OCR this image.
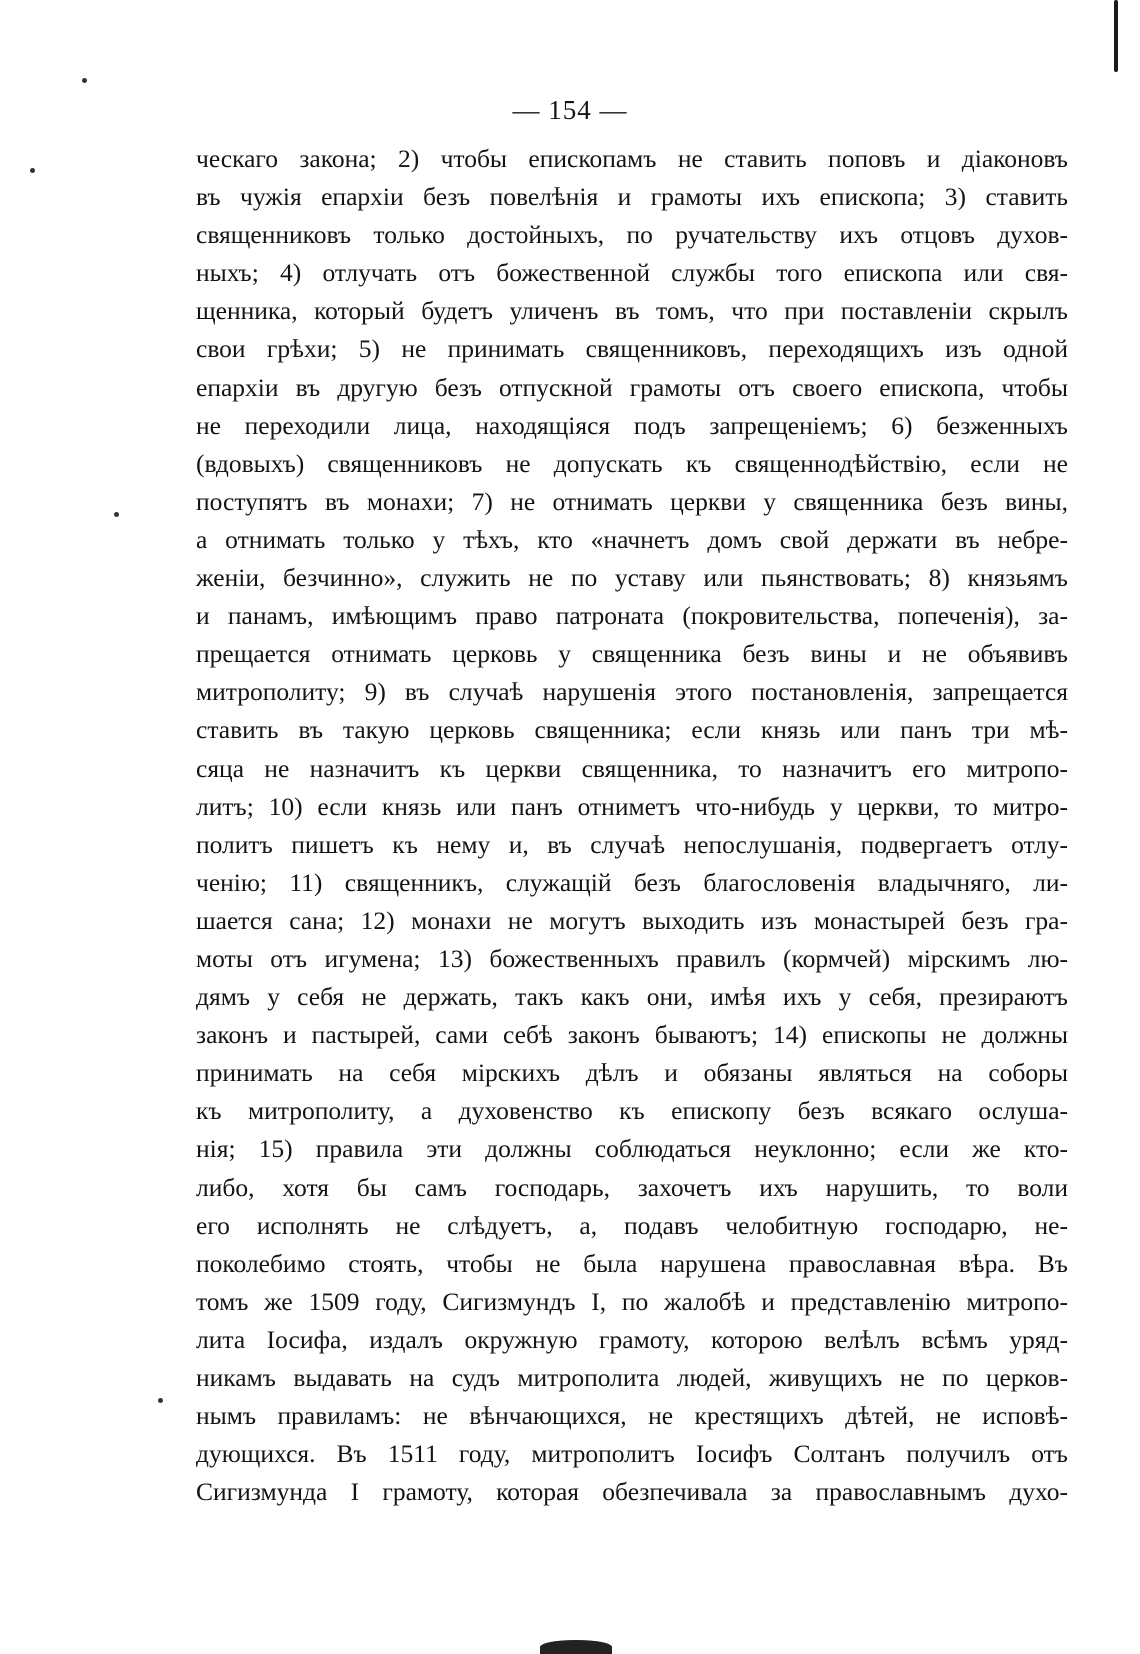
— 154 —
ческаго закона; 2) чтобы епископамъ не ставить поповъ и діаконовъ
въ чужія епархіи безъ повелѣнія и грамоты ихъ епископа; 3) ставить
священниковъ только достойныхъ, по ручательству ихъ отцовъ духов-
ныхъ; 4) отлучать отъ божественной службы того епископа или свя-
щенника, который будетъ уличенъ въ томъ, что при поставленіи скрылъ
свои грѣхи; 5) не принимать священниковъ, переходящихъ изъ одной
епархіи въ другую безъ отпускной грамоты отъ своего епископа, чтобы
не переходили лица, находящіяся подъ запрещеніемъ; 6) безженныхъ
(вдовыхъ) священниковъ не допускать къ священнодѣйствію, если не
поступятъ въ монахи; 7) не отнимать церкви у священника безъ вины,
а отнимать только у тѣхъ, кто «начнетъ домъ свой держати въ небре-
женіи, безчинно», служить не по уставу или пьянствовать; 8) князьямъ
и панамъ, имѣющимъ право патроната (покровительства, попеченія), за-
прещается отнимать церковь у священника безъ вины и не объявивъ
митрополиту; 9) въ случаѣ нарушенія этого постановленія, запрещается
ставить въ такую церковь священника; если князь или панъ три мѣ-
сяца не назначитъ къ церкви священника, то назначитъ его митропо-
литъ; 10) если князь или панъ отниметъ что-нибудь у церкви, то митро-
политъ пишетъ къ нему и, въ случаѣ непослушанія, подвергаетъ отлу-
ченію; 11) священникъ, служащій безъ благословенія владычняго, ли-
шается сана; 12) монахи не могутъ выходить изъ монастырей безъ гра-
моты отъ игумена; 13) божественныхъ правилъ (кормчей) мірскимъ лю-
дямъ у себя не держать, такъ какъ они, имѣя ихъ у себя, презираютъ
законъ и пастырей, сами себѣ законъ бываютъ; 14) епископы не должны
принимать на себя мірскихъ дѣлъ и обязаны являться на соборы
къ митрополиту, а духовенство къ епископу безъ всякаго ослуша-
нія; 15) правила эти должны соблюдаться неуклонно; если же кто-
либо, хотя бы самъ господарь, захочетъ ихъ нарушить, то воли
его исполнять не слѣдуетъ, а, подавъ челобитную господарю, не-
поколебимо стоять, чтобы не была нарушена православная вѣра. Въ
томъ же 1509 году, Сигизмундъ I, по жалобѣ и представленію митропо-
лита Іосифа, издалъ окружную грамоту, которою велѣлъ всѣмъ уряд-
никамъ выдавать на судъ митрополита людей, живущихъ не по церков-
нымъ правиламъ: не вѣнчающихся, не крестящихъ дѣтей, не исповѣ-
дующихся. Въ 1511 году, митрополитъ Іосифъ Солтанъ получилъ отъ
Сигизмунда I грамоту, которая обезпечивала за православнымъ духо-
